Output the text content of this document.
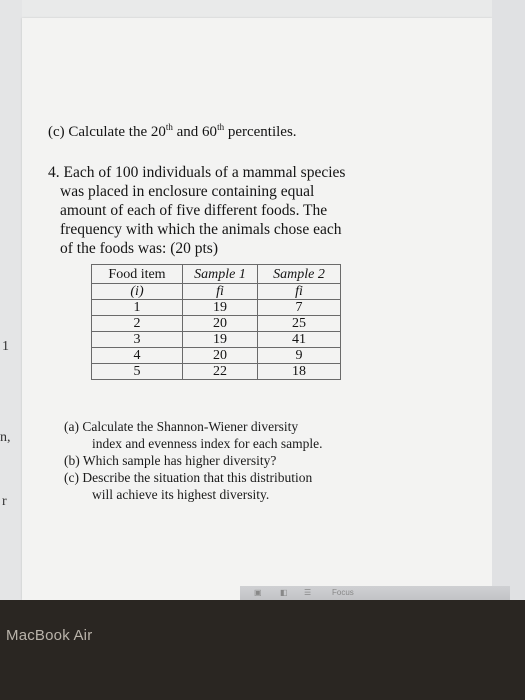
1
n,
r
(c) Calculate the 20th and 60th percentiles.
4. Each of 100 individuals of a mammal species

was placed in enclosure containing equal
amount of each of five different foods. The
frequency with which the animals chose each
of the foods was: (20 pts)
Food item	Sample 1	Sample 2
(i)	fi	fi
1	19	7
2	20	25
3	19	41
4	20	9
5	22	18
(a) Calculate the Shannon-Wiener diversity
index and evenness index for each sample.
(b) Which sample has higher diversity?
(c) Describe the situation that this distribution
will achieve its highest diversity.
▣ ◧ ☰	Focus
MacBook Air
